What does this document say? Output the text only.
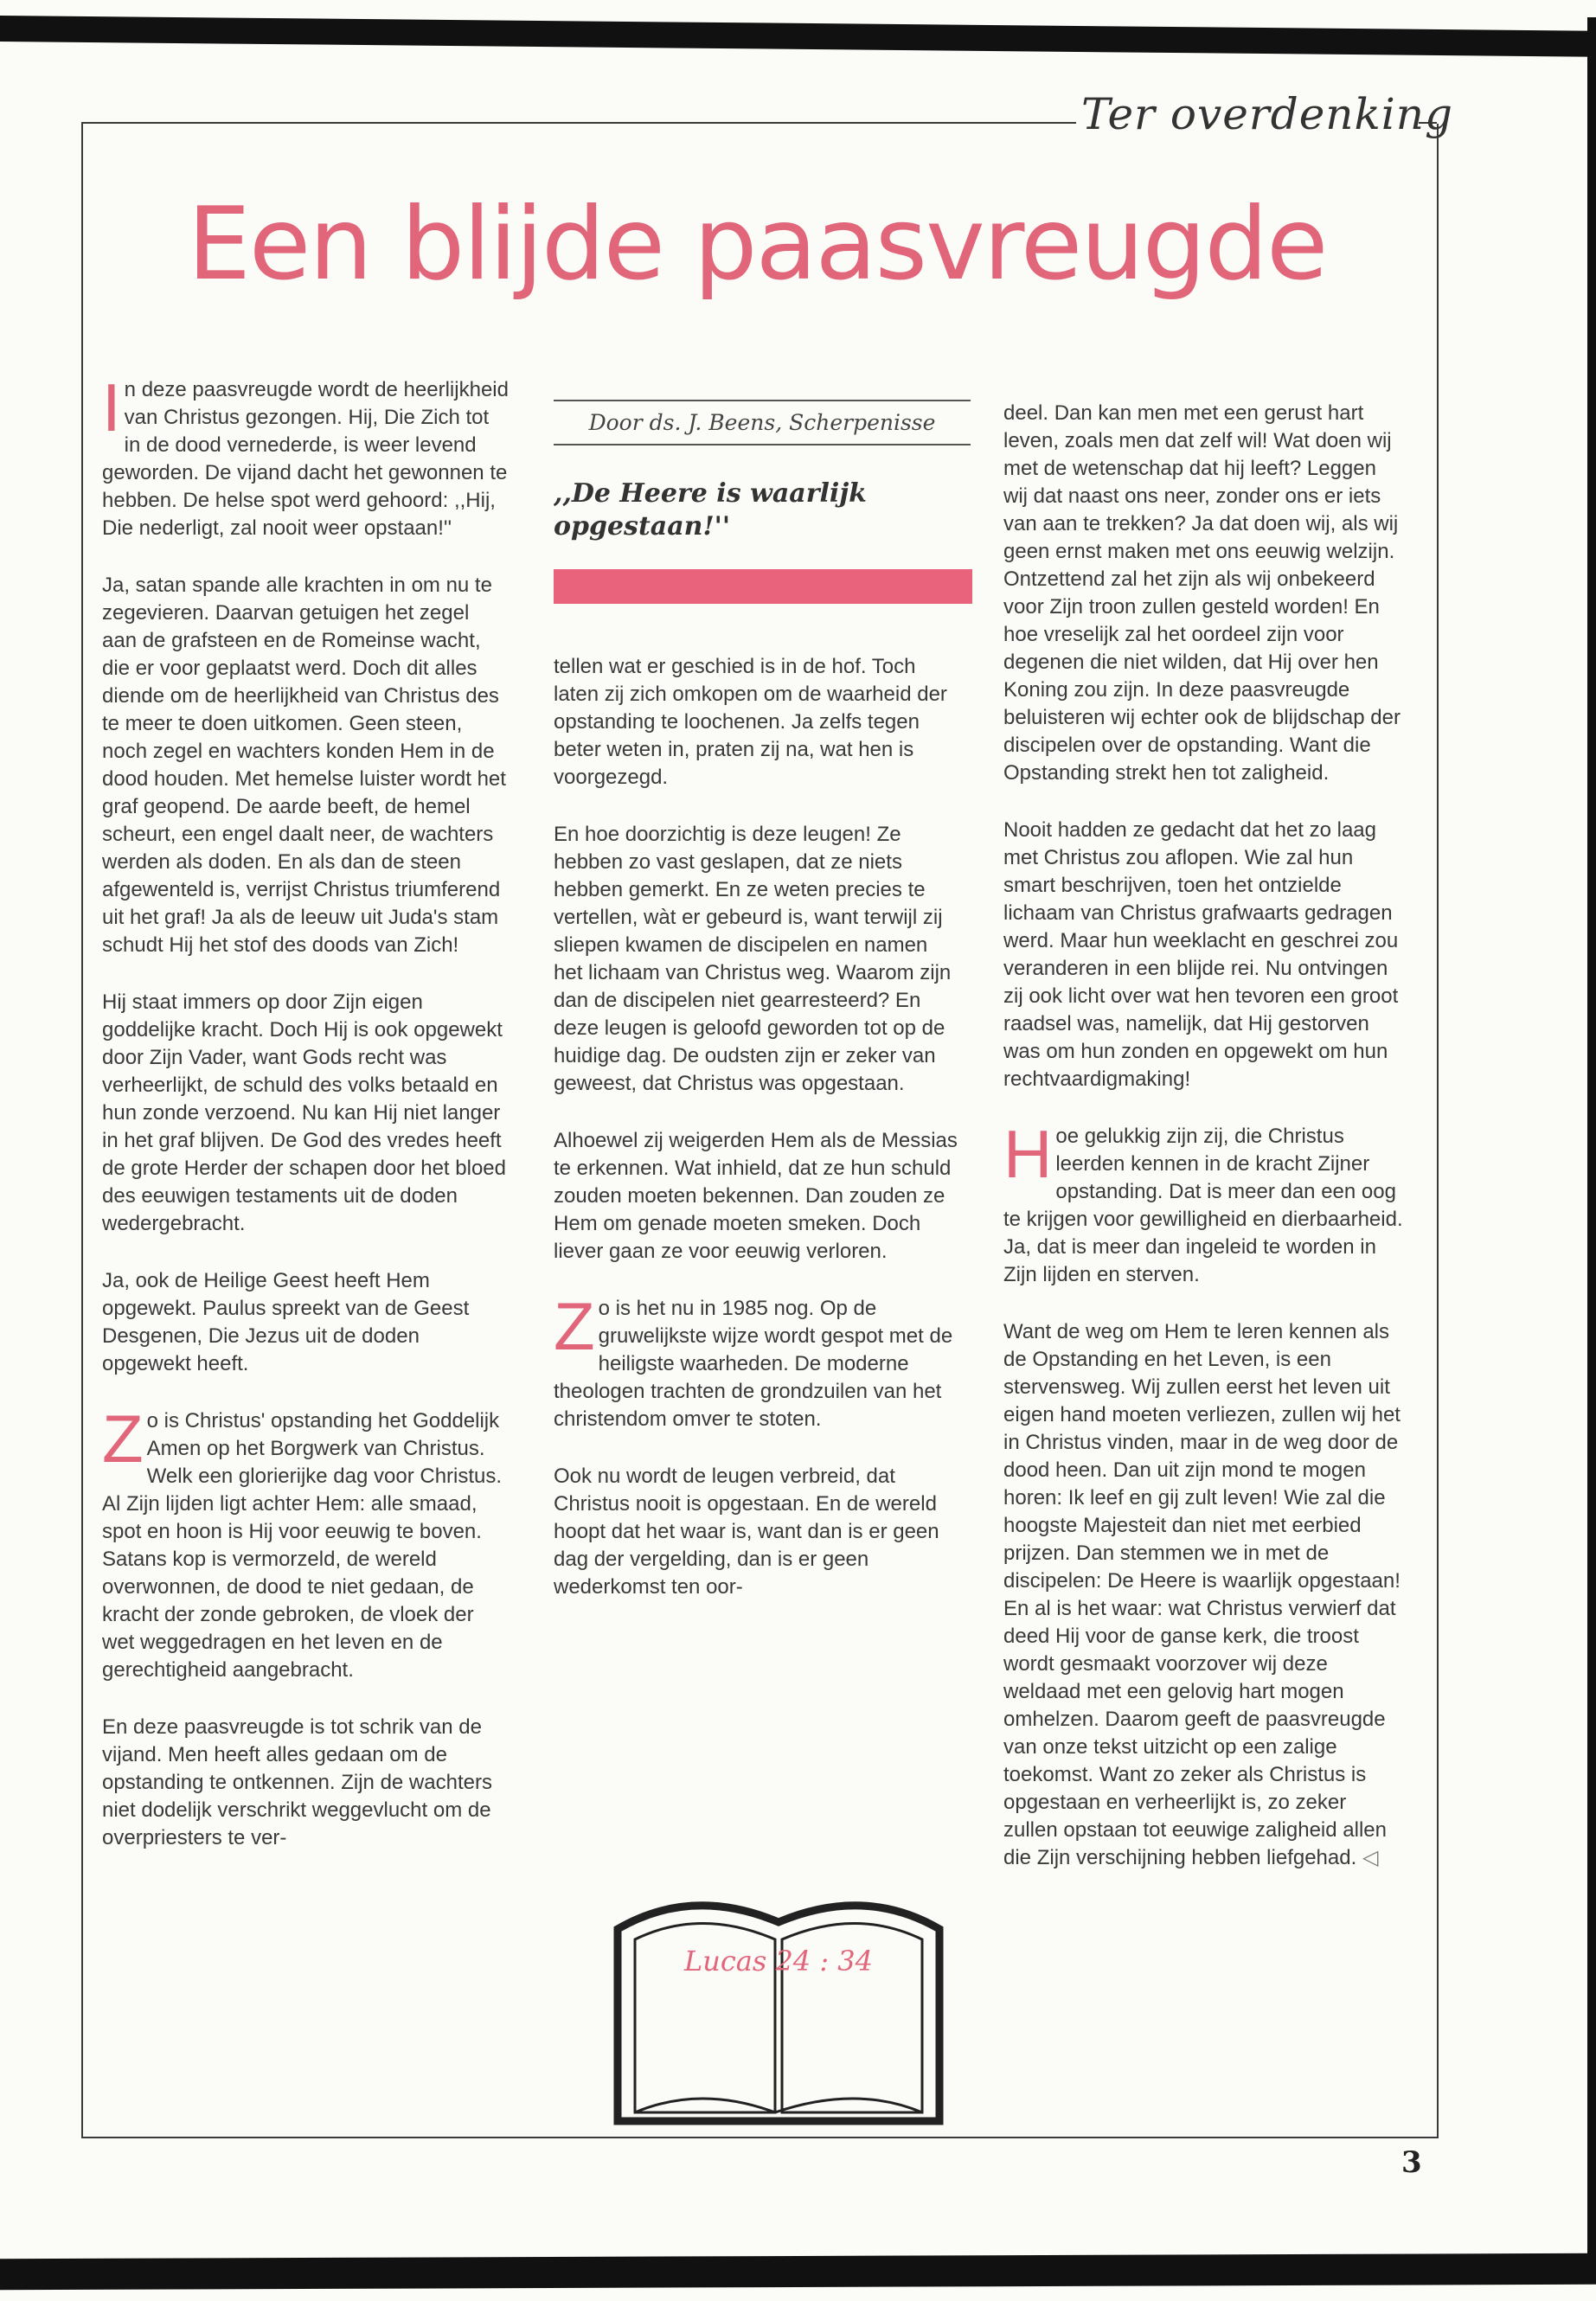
Ter overdenking
Een blijde paasvreugde

In deze paasvreugde wordt de heerlijkheid van Christus gezongen. Hij, Die Zich tot in de dood vernederde, is weer levend geworden. De vijand dacht het gewonnen te hebben. De helse spot werd gehoord: ,,Hij, Die nederligt, zal nooit weer opstaan!''

Ja, satan spande alle krachten in om nu te zegevieren. Daarvan getuigen het zegel aan de grafsteen en de Romeinse wacht, die er voor geplaatst werd. Doch dit alles diende om de heerlijkheid van Christus des te meer te doen uitkomen. Geen steen, noch zegel en wachters konden Hem in de dood houden. Met hemelse luister wordt het graf geopend. De aarde beeft, de hemel scheurt, een engel daalt neer, de wachters werden als doden. En als dan de steen afgewenteld is, verrijst Christus triumferend uit het graf! Ja als de leeuw uit Juda's stam schudt Hij het stof des doods van Zich!

Hij staat immers op door Zijn eigen goddelijke kracht. Doch Hij is ook opgewekt door Zijn Vader, want Gods recht was verheerlijkt, de schuld des volks betaald en hun zonde verzoend. Nu kan Hij niet langer in het graf blijven. De God des vredes heeft de grote Herder der schapen door het bloed des eeuwigen testaments uit de doden wedergebracht.

Ja, ook de Heilige Geest heeft Hem opgewekt. Paulus spreekt van de Geest Desgenen, Die Jezus uit de doden opgewekt heeft.

Zo is Christus' opstanding het Goddelijk Amen op het Borgwerk van Christus. Welk een glorierijke dag voor Christus. Al Zijn lijden ligt achter Hem: alle smaad, spot en hoon is Hij voor eeuwig te boven. Satans kop is vermorzeld, de wereld overwonnen, de dood te niet gedaan, de kracht der zonde gebroken, de vloek der wet weggedragen en het leven en de gerechtigheid aangebracht.

En deze paasvreugde is tot schrik van de vijand. Men heeft alles gedaan om de opstanding te ontkennen. Zijn de wachters niet dodelijk verschrikt weggevlucht om de overpriesters te ver-

Door ds. J. Beens, Scherpenisse
,,De Heere is waarlijk opgestaan!''

tellen wat er geschied is in de hof. Toch laten zij zich omkopen om de waarheid der opstanding te loochenen. Ja zelfs tegen beter weten in, praten zij na, wat hen is voorgezegd.

En hoe doorzichtig is deze leugen! Ze hebben zo vast geslapen, dat ze niets hebben gemerkt. En ze weten precies te vertellen, wàt er gebeurd is, want terwijl zij sliepen kwamen de discipelen en namen het lichaam van Christus weg. Waarom zijn dan de discipelen niet gearresteerd? En deze leugen is geloofd geworden tot op de huidige dag. De oudsten zijn er zeker van geweest, dat Christus was opgestaan.

Alhoewel zij weigerden Hem als de Messias te erkennen. Wat inhield, dat ze hun schuld zouden moeten bekennen. Dan zouden ze Hem om genade moeten smeken. Doch liever gaan ze voor eeuwig verloren.

Zo is het nu in 1985 nog. Op de gruwelijkste wijze wordt gespot met de heiligste waarheden. De moderne theologen trachten de grondzuilen van het christendom omver te stoten.

Ook nu wordt de leugen verbreid, dat Christus nooit is opgestaan. En de wereld hoopt dat het waar is, want dan is er geen dag der vergelding, dan is er geen wederkomst ten oor-

Lucas 24 : 34

deel. Dan kan men met een gerust hart leven, zoals men dat zelf wil! Wat doen wij met de wetenschap dat hij leeft? Leggen wij dat naast ons neer, zonder ons er iets van aan te trekken? Ja dat doen wij, als wij geen ernst maken met ons eeuwig welzijn. Ontzettend zal het zijn als wij onbekeerd voor Zijn troon zullen gesteld worden! En hoe vreselijk zal het oordeel zijn voor degenen die niet wilden, dat Hij over hen Koning zou zijn. In deze paasvreugde beluisteren wij echter ook de blijdschap der discipelen over de opstanding. Want die Opstanding strekt hen tot zaligheid.

Nooit hadden ze gedacht dat het zo laag met Christus zou aflopen. Wie zal hun smart beschrijven, toen het ontzielde lichaam van Christus grafwaarts gedragen werd. Maar hun weeklacht en geschrei zou veranderen in een blijde rei. Nu ontvingen zij ook licht over wat hen tevoren een groot raadsel was, namelijk, dat Hij gestorven was om hun zonden en opgewekt om hun rechtvaardigmaking!

Hoe gelukkig zijn zij, die Christus leerden kennen in de kracht Zijner opstanding. Dat is meer dan een oog te krijgen voor gewilligheid en dierbaarheid. Ja, dat is meer dan ingeleid te worden in Zijn lijden en sterven.

Want de weg om Hem te leren kennen als de Opstanding en het Leven, is een stervensweg. Wij zullen eerst het leven uit eigen hand moeten verliezen, zullen wij het in Christus vinden, maar in de weg door de dood heen. Dan uit zijn mond te mogen horen: Ik leef en gij zult leven! Wie zal die hoogste Majesteit dan niet met eerbied prijzen. Dan stemmen we in met de discipelen: De Heere is waarlijk opgestaan! En al is het waar: wat Christus verwierf dat deed Hij voor de ganse kerk, die troost wordt gesmaakt voorzover wij deze weldaad met een gelovig hart mogen omhelzen. Daarom geeft de paasvreugde van onze tekst uitzicht op een zalige toekomst. Want zo zeker als Christus is opgestaan en verheerlijkt is, zo zeker zullen opstaan tot eeuwige zaligheid allen die Zijn verschijning hebben liefgehad. ◁

3
